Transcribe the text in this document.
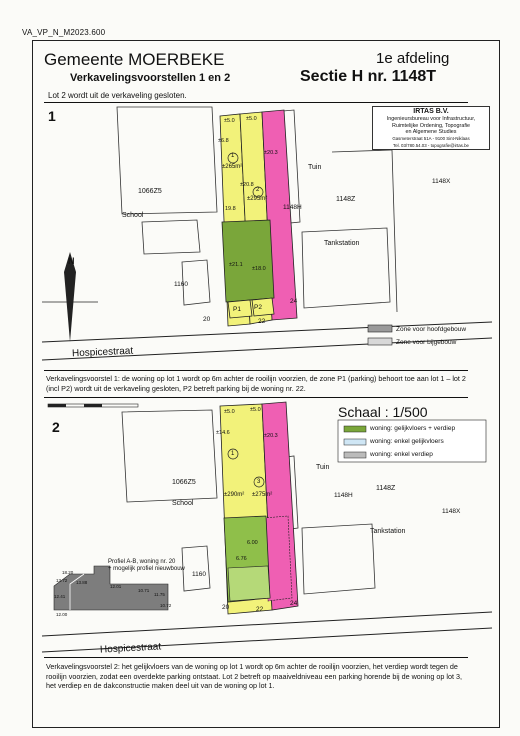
VA_VP_N_M2023.600
Gemeente MOERBEKE	1e afdeling
Verkavelingsvoorstellen 1 en 2	Sectie H nr. 1148T
Lot 2 wordt uit de verkaveling gesloten.
1	IRTAS B.V.
Ingenieursbureau voor Infrastructuur,
Ruimtelijke Ordening, Topografie
en Algemene Studies
Gasmeterstraat 51A - 9100 Sint-Niklaas
Tel. 03/780.54.03 - topografie@irtas.be
1066Z5
School
1148X
1148Z
1148H
1160
Tuin
Tankstation
1
2
±265m²
±295m²
P1 P2
N
20	22
24
±5.0 ±5.0
±6.8
19.8
±20.8
±20.3
±21.1
±18.0
Hospicestraat
Zone voor hoofdgebouw
Zone voor bijgebouw
Verkavelingsvoorstel 1: de woning op lot 1 wordt op 6m achter de rooilijn voorzien, de zone P1 (parking) behoort toe aan lot 1 – lot 2 (incl P2) wordt uit de verkaveling gesloten, P2 betreft parking bij de woning nr. 22.
2
Schaal : 1/500
woning: gelijkvloers + verdiep
woning: enkel gelijkvloers
woning: enkel verdiep
1066Z5
School
1148X
1148Z
1148H
1160
Tuin
Tankstation
1
3
±290m² ±275m²
±5.0	±5.0
±14.6	±20.3
6.00
6.76
20	22
24
Profiel A-B, woning nr. 20
+ mogelijk profiel nieuwbouw
18.20
13.88
13.72
12.01
10.71
11.75
10.72
12.41
12.00
Hospicestraat
Verkavelingsvoorstel 2: het gelijkvloers van de woning op lot 1 wordt op 6m achter de rooilijn voorzien, het verdiep wordt tegen de rooilijn voorzien, zodat een overdekte parking ontstaat. Lot 2 betreft op maaiveldniveau een parking horende bij de woning op lot 3, het verdiep en de dakconstructie maken deel uit van de woning op lot 1.
